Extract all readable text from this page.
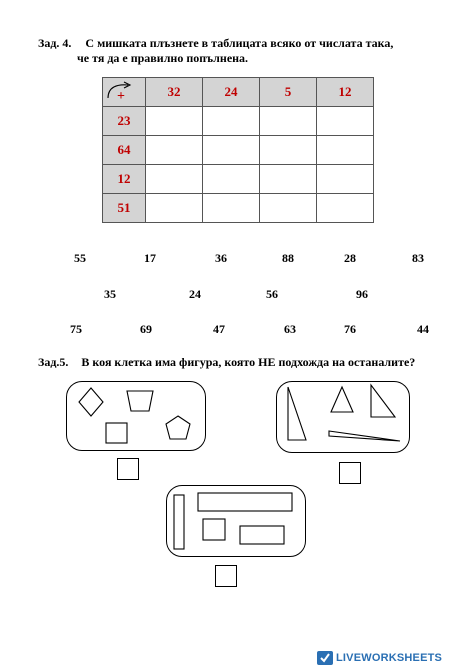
Зад. 4. С мишката плъзнете в таблицата всяко от числата така,
че тя да е правилно попълнена.
+	32	24	5	12
23				
64				
12				
51				
55	17	36	88	28	83
35	24	56	96
75	69	47	63	76	44
Зад.5. В коя клетка има фигура, която НЕ подхожда на останалите?
LIVEWORKSHEETS
